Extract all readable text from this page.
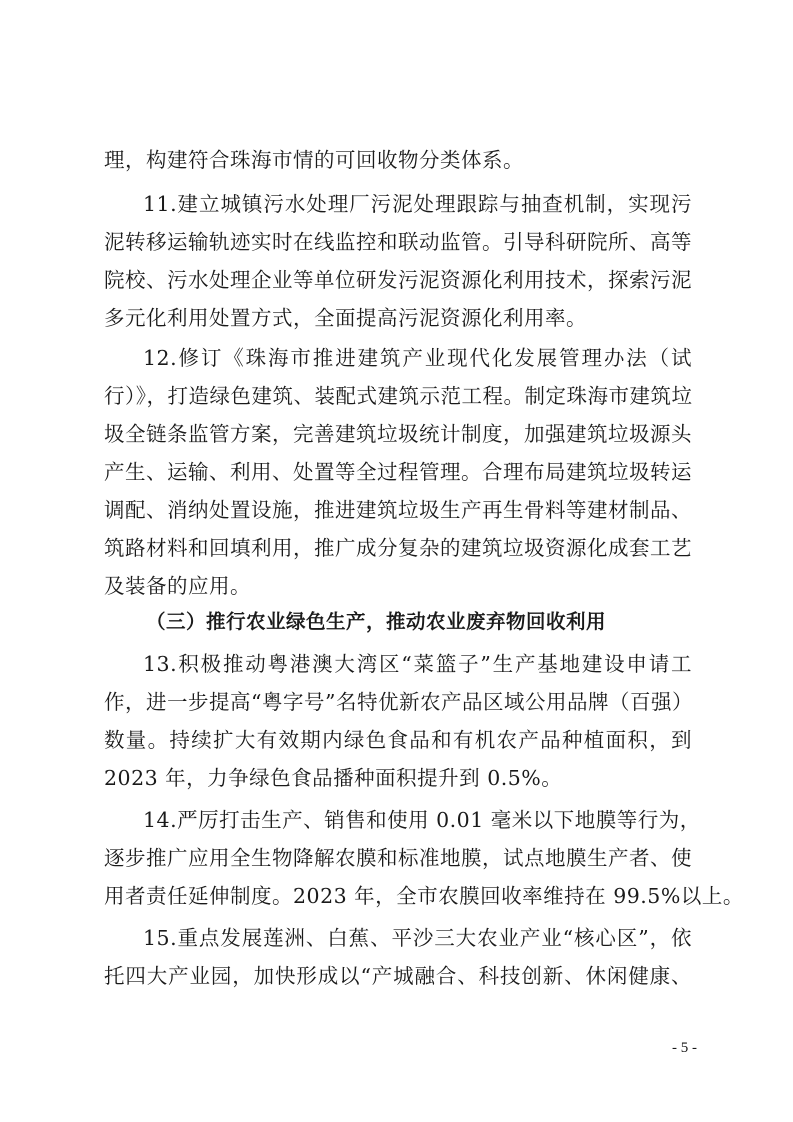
理，构建符合珠海市情的可回收物分类体系。
11.建立城镇污水处理厂污泥处理跟踪与抽查机制，实现污
泥转移运输轨迹实时在线监控和联动监管。引导科研院所、高等
院校、污水处理企业等单位研发污泥资源化利用技术，探索污泥
多元化利用处置方式，全面提高污泥资源化利用率。
12.修订《珠海市推进建筑产业现代化发展管理办法（试
行）》，打造绿色建筑、装配式建筑示范工程。制定珠海市建筑垃
圾全链条监管方案，完善建筑垃圾统计制度，加强建筑垃圾源头
产生、运输、利用、处置等全过程管理。合理布局建筑垃圾转运
调配、消纳处置设施，推进建筑垃圾生产再生骨料等建材制品、
筑路材料和回填利用，推广成分复杂的建筑垃圾资源化成套工艺
及装备的应用。
（三）推行农业绿色生产，推动农业废弃物回收利用
13.积极推动粤港澳大湾区“菜篮子”生产基地建设申请工
作，进一步提高“粤字号”名特优新农产品区域公用品牌（百强）
数量。持续扩大有效期内绿色食品和有机农产品种植面积，到
2023 年，力争绿色食品播种面积提升到 0.5%。
14.严厉打击生产、销售和使用 0.01 毫米以下地膜等行为，
逐步推广应用全生物降解农膜和标准地膜，试点地膜生产者、使
用者责任延伸制度。2023 年，全市农膜回收率维持在 99.5%以上。
15.重点发展莲洲、白蕉、平沙三大农业产业“核心区”，依
托四大产业园，加快形成以“产城融合、科技创新、休闲健康、
- 5 -
